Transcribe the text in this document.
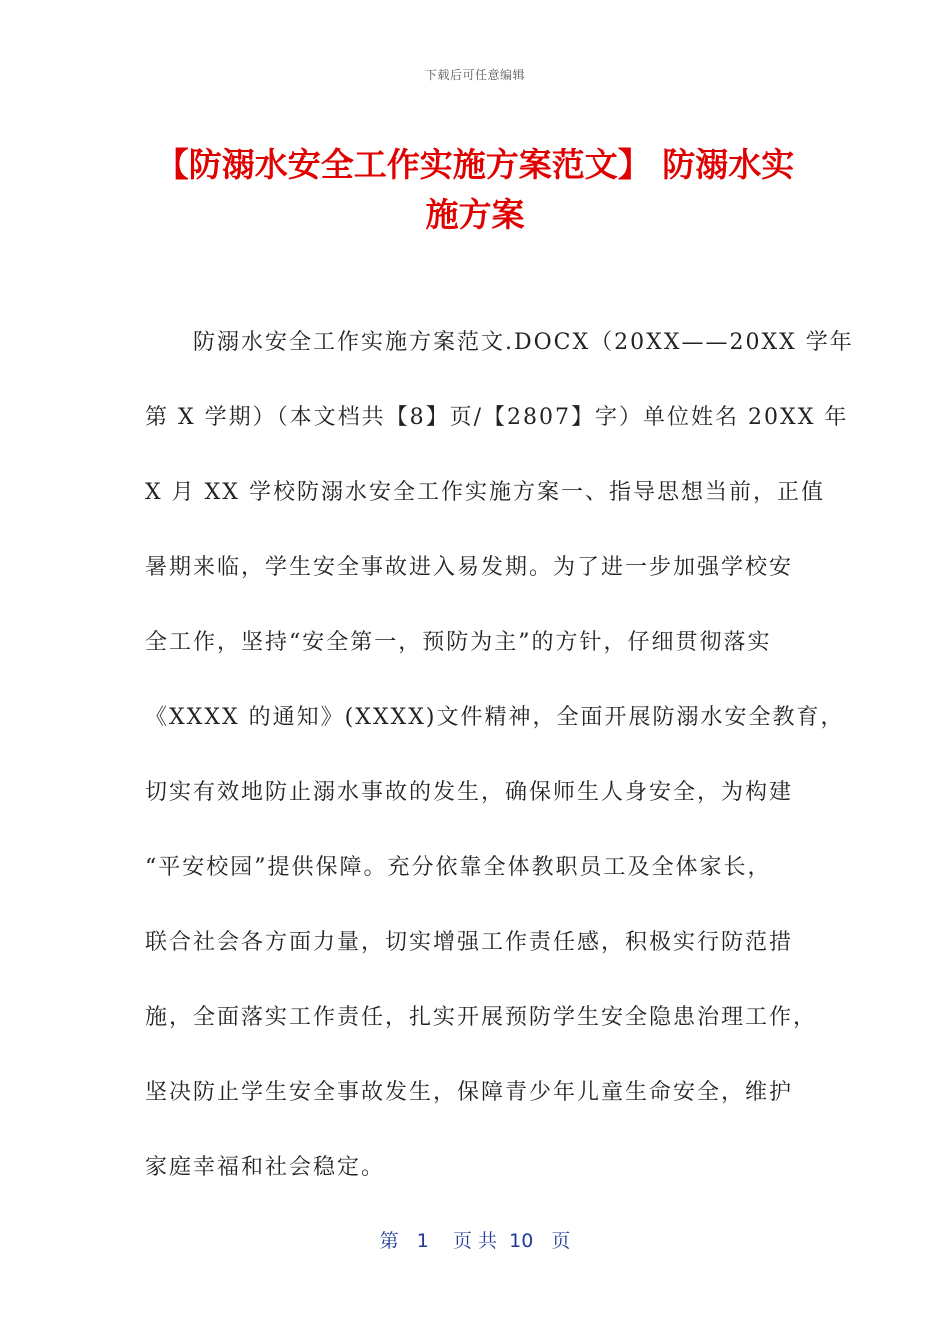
下载后可任意编辑
【防溺水安全工作实施方案范文】 防溺水实
施方案
防溺水安全工作实施方案范文.DOCX（20XX——20XX 学年
第 X 学期）（本文档共【8】页/【2807】字）单位姓名 20XX 年
X 月 XX 学校防溺水安全工作实施方案一、指导思想当前，正值
暑期来临，学生安全事故进入易发期。为了进一步加强学校安
全工作，坚持“安全第一，预防为主”的方针，仔细贯彻落实
《XXXX 的通知》(XXXX)文件精神，全面开展防溺水安全教育，
切实有效地防止溺水事故的发生，确保师生人身安全，为构建
“平安校园”提供保障。充分依靠全体教职员工及全体家长，
联合社会各方面力量，切实增强工作责任感，积极实行防范措
施，全面落实工作责任，扎实开展预防学生安全隐患治理工作，
坚决防止学生安全事故发生，保障青少年儿童生命安全，维护
家庭幸福和社会稳定。
第 1 页 共 10 页
